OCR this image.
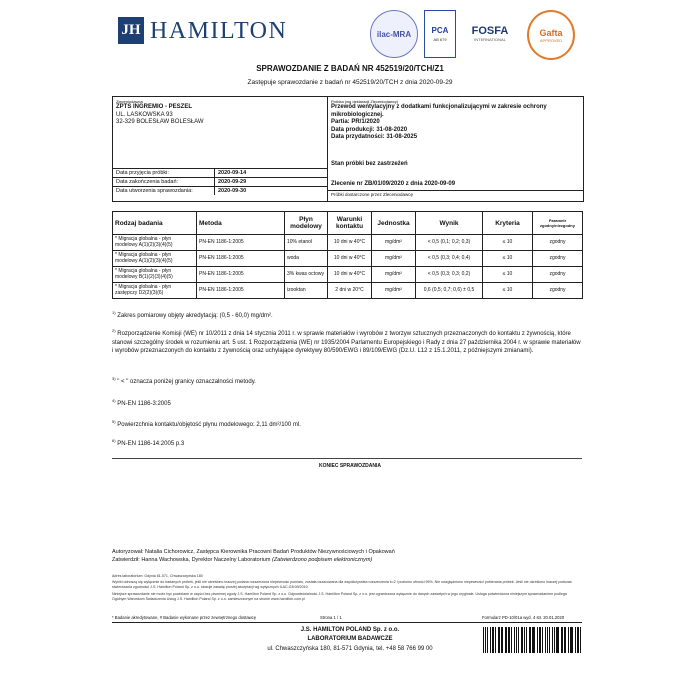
JH HAMILTON	ilac-MRA	PCA
AB 679
FOSFA
INTERNATIONAL
Gafta
APPROVED
SPRAWOZDANIE Z BADAŃ NR 452519/20/TCH/Z1
Zastępuje sprawozdanie z badań nr 452519/20/TCH z dnia 2020-09-29
Zleceniodawca
ZPTS INGREMIO - PESZEL
UL. LASKOWSKA 93
32-329 BOLESŁAW BOLESŁAW
Data przyjęcia próbki:	2020-09-14
Data zakończenia badań:	2020-09-29
Data utworzenia sprawozdania:	2020-09-30
Próbka (wg deklaracji Zleceniodawcy)
Przewód wentylacyjny z dodatkami funkcjonalizującymi w zakresie ochrony mikrobiologicznej.
Partia: PR/1/2020
Data produkcji: 31-08-2020
Data przydatności: 31-08-2025
Stan próbki bez zastrzeżeń
Zlecenie nr ZB/01/09/2020 z dnia 2020-09-09
Próbki dostarczone przez Zleceniodawcę
Rodzaj badania	Metoda	Płyn modelowy	Warunki kontaktu	Jednostka	Wynik	Kryteria	Parametr zgodny/niezgodny
* Migracja globalna - płyn modelowy A(1)(2)(3)(4)(5)	PN-EN 1186-1:2005	10% etanol	10 dni w 40°C	mg/dm²	< 0,5 (0,1; 0,2; 0,3)	≤ 10	zgodny
* Migracja globalna - płyn modelowy A(1)(2)(3)(4)(5)	PN-EN 1186-1:2005	woda	10 dni w 40°C	mg/dm²	< 0,5 (0,3; 0,4; 0,4)	≤ 10	zgodny
* Migracja globalna - płyn modelowy B(1)(2)(3)(4)(5)	PN-EN 1186-1:2005	3% kwas octowy	10 dni w 40°C	mg/dm²	< 0,5 (0,3; 0,3; 0,2)	≤ 10	zgodny
* Migracja globalna - płyn zastępczy D2(2)(3)(6)	PN-EN 1186-1:2005	izooktan	2 dni w 20°C	mg/dm²	0,6 (0,5; 0,7; 0,6) ± 0,5	≤ 10	zgodny
$^{1)}$ Zakres pomiarowy objęty akredytacją: (0,5 - 60,0) mg/dm².
$^{2)}$ Rozporządzenie Komisji (WE) nr 10/2011 z dnia 14 stycznia 2011 r. w sprawie materiałów i wyrobów z tworzyw sztucznych przeznaczonych do kontaktu z żywnością, które stanowi szczególny środek w rozumieniu art. 5 ust. 1 Rozporządzenia (WE) nr 1935/2004 Parlamentu Europejskiego i Rady z dnia 27 października 2004 r. w sprawie materiałów i wyrobów przeznaczonych do kontaktu z żywnością oraz uchylające dyrektywy 80/590/EWG i 89/109/EWG (Dz.U. L12 z 15.1.2011, z późniejszymi zmianami).
$^{3)}$ " < " oznacza poniżej granicy oznaczalności metody.
$^{4)}$ PN-EN 1186-3:2005
$^{5)}$ Powierzchnia kontaktu/objętość płynu modelowego: 2,11 dm²/100 ml.
$^{6)}$ PN-EN 1186-14:2005 p.3
KONIEC SPRAWOZDANIA
Autoryzował: Natalia Cichorowicz, Zastępca Kierownika Pracowni Badań Produktów Niezywnościowych i Opakowań
Zatwierdził: Hanna Wachowska, Dyrektor Naczelny Laboratorium (Zatwierdzono podpisem elektronicznym)
Adres laboratorium: Gdynia 81-571, Chwaszczyńska 180
Wyniki odnoszą się wyłącznie do badanych próbek, jeśli nie określono inaczej podana rozszerzona niepewność pomiaru, została oszacowana dla współczynnika rozszerzenia k=2 i poziomu ufności 95%. Nie uwzględniono niepewności pobierania próbek. Jeśli nie określono inaczej podczas stwierdzania zgodności J.S. Hamilton Poland Sp. z o.o. stosuje zasadę prostej akceptacji wg wytycznych ILAC-G8:09/2019.
Niniejsze sprawozdanie nie może być powielane w części bez pisemnej zgody J.S. Hamilton Poland Sp. z o.o. Odpowiedzialność J.S. Hamilton Poland Sp. z o.o. jest ograniczona wyłącznie do danych zawartych w jego oryginale. Usługa potwierdzona niniejszym sprawozdaniem podlega Ogólnym Warunkom Świadczenia Usług J.S. Hamilton Poland Sp. z o.o. zamieszczonym na stronie www.hamilton.com.pl
* Badanie akredytowane, # Badanie wykonane przez zewnętrznego dostawcę	Strona 1 / 1	Formularz PD-10/01a wyd. 4 str. 20.01.2020
J.S. HAMILTON POLAND Sp. z o.o.
LABORATORIUM BADAWCZE
ul. Chwaszczyńska 180, 81-571 Gdynia, tel. +48 58 766 99 00
